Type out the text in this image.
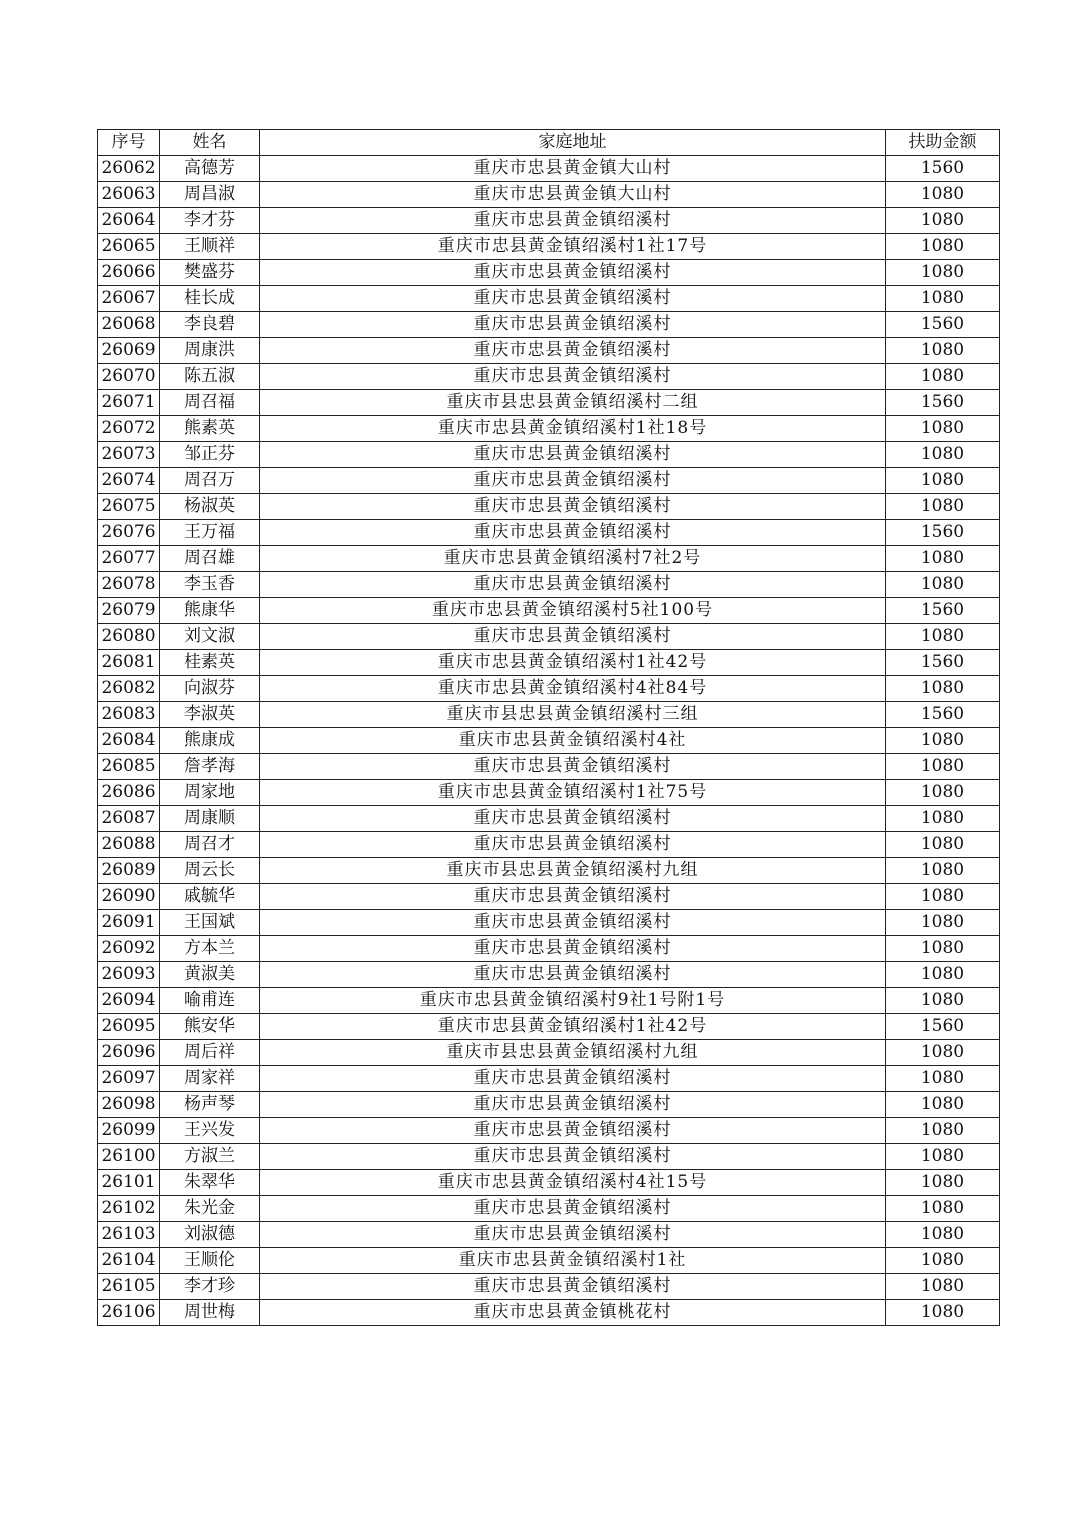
序号	姓名	家庭地址	扶助金额
26062	高德芳	重庆市忠县黄金镇大山村	1560
26063	周昌淑	重庆市忠县黄金镇大山村	1080
26064	李才芬	重庆市忠县黄金镇绍溪村	1080
26065	王顺祥	重庆市忠县黄金镇绍溪村1社17号	1080
26066	樊盛芬	重庆市忠县黄金镇绍溪村	1080
26067	桂长成	重庆市忠县黄金镇绍溪村	1080
26068	李良碧	重庆市忠县黄金镇绍溪村	1560
26069	周康洪	重庆市忠县黄金镇绍溪村	1080
26070	陈五淑	重庆市忠县黄金镇绍溪村	1080
26071	周召福	重庆市县忠县黄金镇绍溪村二组	1560
26072	熊素英	重庆市忠县黄金镇绍溪村1社18号	1080
26073	邹正芬	重庆市忠县黄金镇绍溪村	1080
26074	周召万	重庆市忠县黄金镇绍溪村	1080
26075	杨淑英	重庆市忠县黄金镇绍溪村	1080
26076	王万福	重庆市忠县黄金镇绍溪村	1560
26077	周召雄	重庆市忠县黄金镇绍溪村7社2号	1080
26078	李玉香	重庆市忠县黄金镇绍溪村	1080
26079	熊康华	重庆市忠县黄金镇绍溪村5社100号	1560
26080	刘文淑	重庆市忠县黄金镇绍溪村	1080
26081	桂素英	重庆市忠县黄金镇绍溪村1社42号	1560
26082	向淑芬	重庆市忠县黄金镇绍溪村4社84号	1080
26083	李淑英	重庆市县忠县黄金镇绍溪村三组	1560
26084	熊康成	重庆市忠县黄金镇绍溪村4社	1080
26085	詹孝海	重庆市忠县黄金镇绍溪村	1080
26086	周家地	重庆市忠县黄金镇绍溪村1社75号	1080
26087	周康顺	重庆市忠县黄金镇绍溪村	1080
26088	周召才	重庆市忠县黄金镇绍溪村	1080
26089	周云长	重庆市县忠县黄金镇绍溪村九组	1080
26090	戚毓华	重庆市忠县黄金镇绍溪村	1080
26091	王国斌	重庆市忠县黄金镇绍溪村	1080
26092	方本兰	重庆市忠县黄金镇绍溪村	1080
26093	黄淑美	重庆市忠县黄金镇绍溪村	1080
26094	喻甫连	重庆市忠县黄金镇绍溪村9社1号附1号	1080
26095	熊安华	重庆市忠县黄金镇绍溪村1社42号	1560
26096	周后祥	重庆市县忠县黄金镇绍溪村九组	1080
26097	周家祥	重庆市忠县黄金镇绍溪村	1080
26098	杨声琴	重庆市忠县黄金镇绍溪村	1080
26099	王兴发	重庆市忠县黄金镇绍溪村	1080
26100	方淑兰	重庆市忠县黄金镇绍溪村	1080
26101	朱翠华	重庆市忠县黄金镇绍溪村4社15号	1080
26102	朱光金	重庆市忠县黄金镇绍溪村	1080
26103	刘淑德	重庆市忠县黄金镇绍溪村	1080
26104	王顺伦	重庆市忠县黄金镇绍溪村1社	1080
26105	李才珍	重庆市忠县黄金镇绍溪村	1080
26106	周世梅	重庆市忠县黄金镇桃花村	1080
